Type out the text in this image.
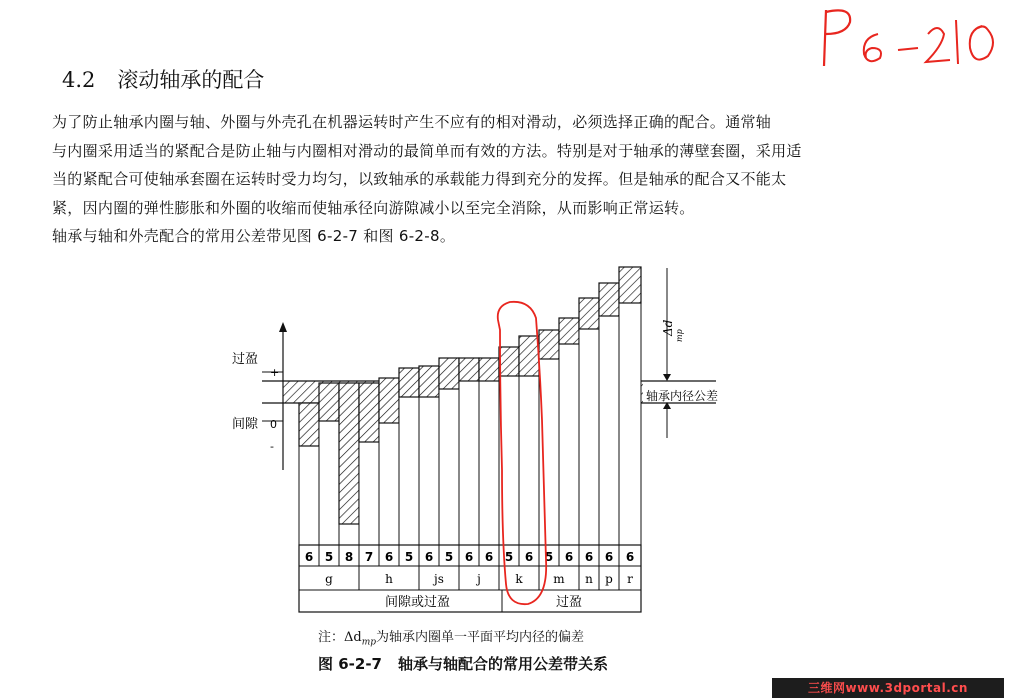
P6-210
4.2 滚动轴承的配合
为了防止轴承内圈与轴、外圈与外壳孔在机器运转时产生不应有的相对滑动，必须选择正确的配合。通常轴
与内圈采用适当的紧配合是防止轴与内圈相对滑动的最简单而有效的方法。特别是对于轴承的薄壁套圈，采用适
当的紧配合可使轴承套圈在运转时受力均匀，以致轴承的承载能力得到充分的发挥。但是轴承的配合又不能太
紧，因内圈的弹性膨胀和外圈的收缩而使轴承径向游隙减小以至完全消除，从而影响正常运转。
轴承与轴和外壳配合的常用公差带见图 6-2-7 和图 6-2-8。
Δd mp
过盈
+
间隙 0
-
轴承内径公差
6 5 8 7 6 5 6 5 6 6 5 6 5 6 6 6 6
g	h	js	j	k	m n p r
间隙或过盈	过盈
注：$\Delta d_{mp}$为轴承内圈单一平面平均内径的偏差
图 6-2-7 轴承与轴配合的常用公差带关系
三维网www.3dportal.cn
